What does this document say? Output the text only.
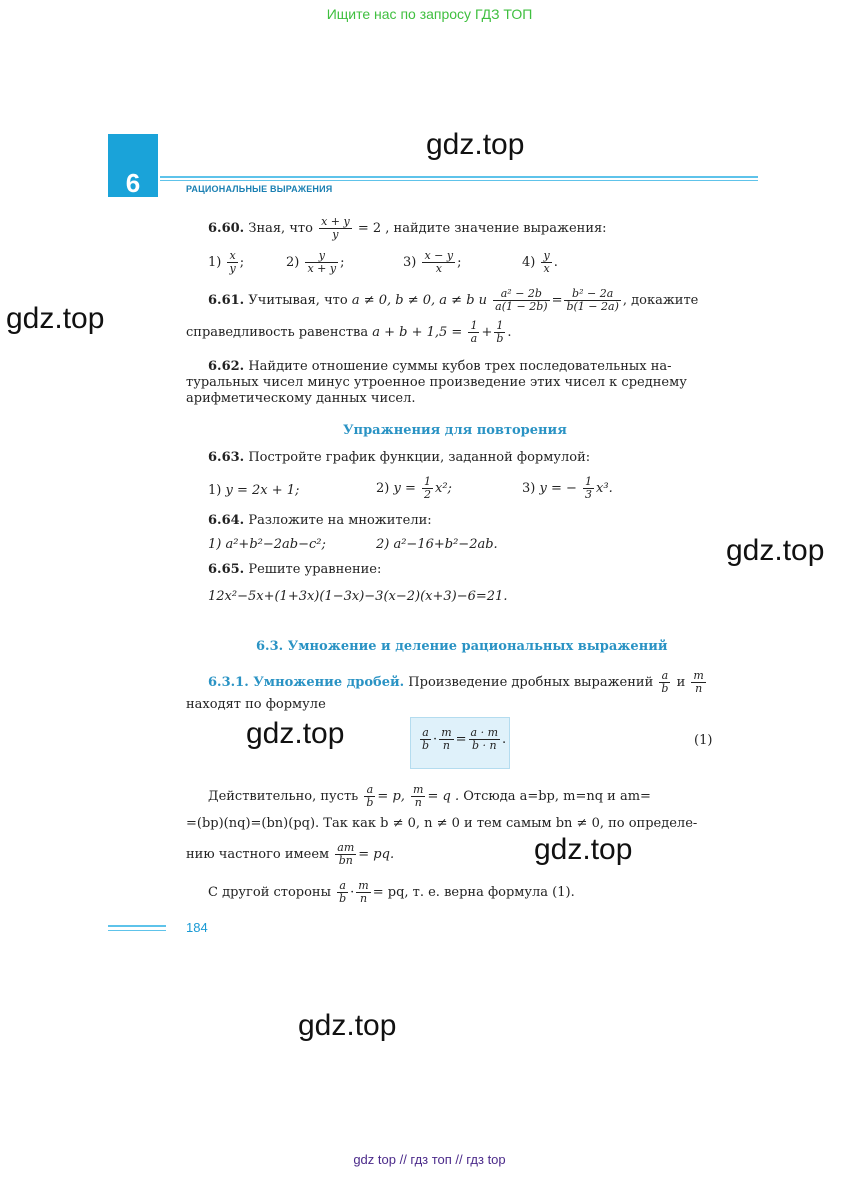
Ищите нас по запросу ГДЗ ТОП
gdz.top
gdz.top
gdz.top
gdz.top
gdz.top
gdz.top
6	РАЦИОНАЛЬНЫЕ ВЫРАЖЕНИЯ
6.60. Зная, что $\frac{x + y}{y} = 2$ , найдите значение выражения:
$1) \frac{x}{y}$ ;	$2) \frac{y}{x + y}$ ;	$3) \frac{x - y}{x}$ ;	$4) \frac{y}{x}$ .
6.61. Учитывая, что a ≠ 0, b ≠ 0, a ≠ b и $\frac{\text{a² − 2b}}{a(1 - 2b)} = \frac{\text{b² − 2a}}{b(1 - 2a)}$ , докажите
справедливость равенства $a + b + 1,5 = \frac{1}{a} + \frac{1}{b}$ .
6.62. Найдите отношение суммы кубов трех последовательных на-
туральных чисел минус утроенное произведение этих чисел к среднему
арифметическому данных чисел.
Упражнения для повторения
6.63. Постройте график функции, заданной формулой:
1) y = 2x + 1;	2) $y = \frac{1}{2} x^2$;	3) y = − $\frac{1}{3} x^3$.
6.64. Разложите на множители:
1) a²+b²−2ab−c²;	2) a²−16+b²−2ab.
6.65. Решите уравнение:
12x²−5x+(1+3x)(1−3x)−3(x−2)(x+3)−6=21.
6.3. Умножение и деление рациональных выражений
6.3.1. Умножение дробей. Произведение дробных выражений $\frac{a}{b}$ и $\frac{m}{n}$
находят по формуле
$\frac{a}{b} \cdot \frac{m}{n} = \frac{a \cdot m}{b \cdot n}$ .	(1)
Действительно, пусть $\frac{a}{b} = p$, $\frac{m}{n} = q$ . Отсюда a=bp, m=nq и am=
=(bp)(nq)=(bn)(pq). Так как b ≠ 0, n ≠ 0 и тем самым bn ≠ 0, по определе-
нию частного имеем $\frac{am}{bn}$ = pq.
С другой стороны $\frac{a}{b} \cdot \frac{m}{n}$ = pq, т. е. верна формула (1).
184
gdz top // гдз топ // гдз top
